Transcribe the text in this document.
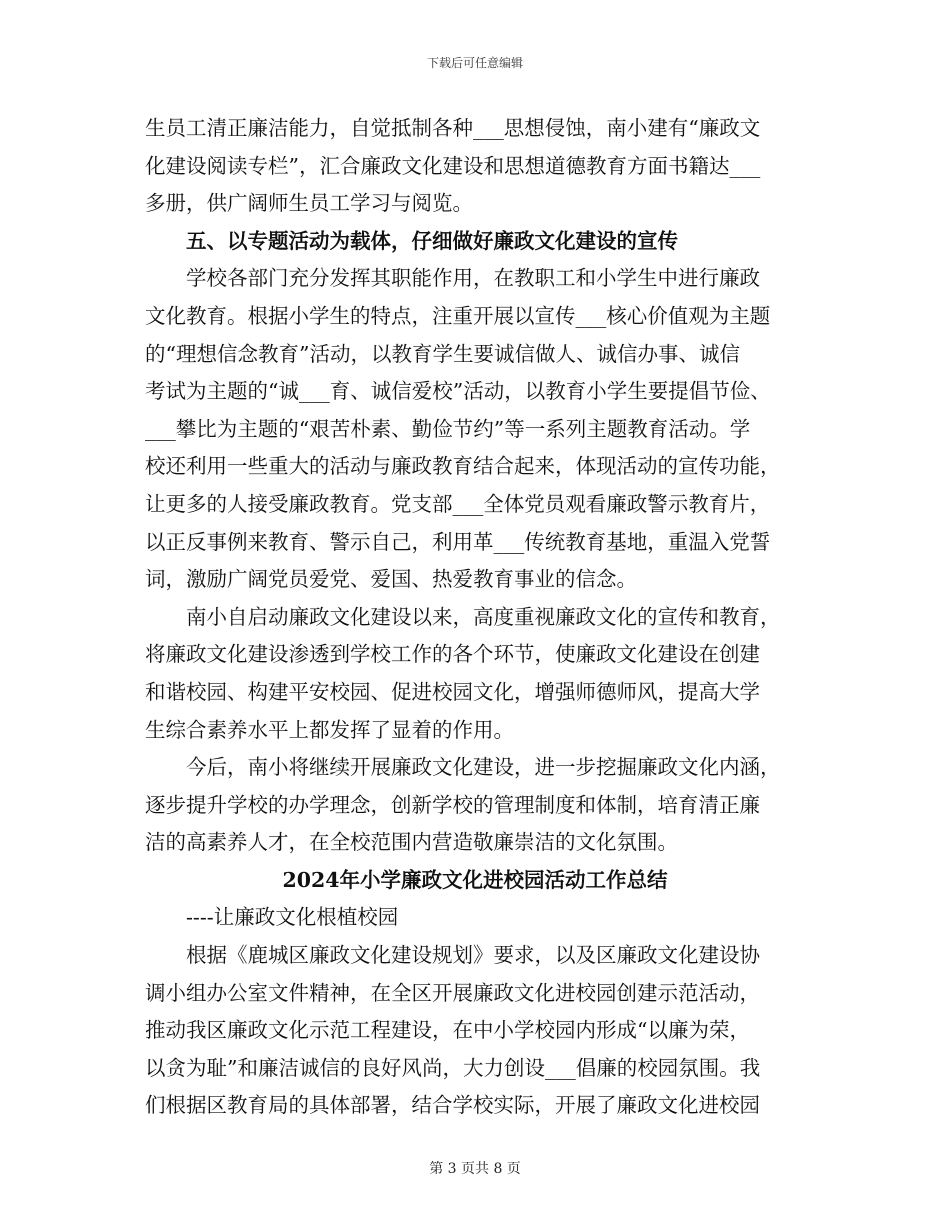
下载后可任意编辑
生员工清正廉洁能力，自觉抵制各种___思想侵蚀，南小建有“廉政文
化建设阅读专栏”，汇合廉政文化建设和思想道德教育方面书籍达___
多册，供广阔师生员工学习与阅览。
五、以专题活动为载体，仔细做好廉政文化建设的宣传
学校各部门充分发挥其职能作用，在教职工和小学生中进行廉政
文化教育。根据小学生的特点，注重开展以宣传___核心价值观为主题
的“理想信念教育”活动，以教育学生要诚信做人、诚信办事、诚信
考试为主题的“诚___育、诚信爱校”活动，以教育小学生要提倡节俭、
___攀比为主题的“艰苦朴素、勤俭节约”等一系列主题教育活动。学
校还利用一些重大的活动与廉政教育结合起来，体现活动的宣传功能，
让更多的人接受廉政教育。党支部___全体党员观看廉政警示教育片，
以正反事例来教育、警示自己，利用革___传统教育基地，重温入党誓
词，激励广阔党员爱党、爱国、热爱教育事业的信念。
南小自启动廉政文化建设以来，高度重视廉政文化的宣传和教育，
将廉政文化建设渗透到学校工作的各个环节，使廉政文化建设在创建
和谐校园、构建平安校园、促进校园文化，增强师德师风，提高大学
生综合素养水平上都发挥了显着的作用。
今后，南小将继续开展廉政文化建设，进一步挖掘廉政文化内涵，
逐步提升学校的办学理念，创新学校的管理制度和体制，培育清正廉
洁的高素养人才，在全校范围内营造敬廉崇洁的文化氛围。
2024年小学廉政文化进校园活动工作总结
----让廉政文化根植校园
根据《鹿城区廉政文化建设规划》要求，以及区廉政文化建设协
调小组办公室文件精神，在全区开展廉政文化进校园创建示范活动，
推动我区廉政文化示范工程建设，在中小学校园内形成“以廉为荣，
以贪为耻”和廉洁诚信的良好风尚，大力创设___倡廉的校园氛围。我
们根据区教育局的具体部署，结合学校实际，开展了廉政文化进校园
第 3 页共 8 页
